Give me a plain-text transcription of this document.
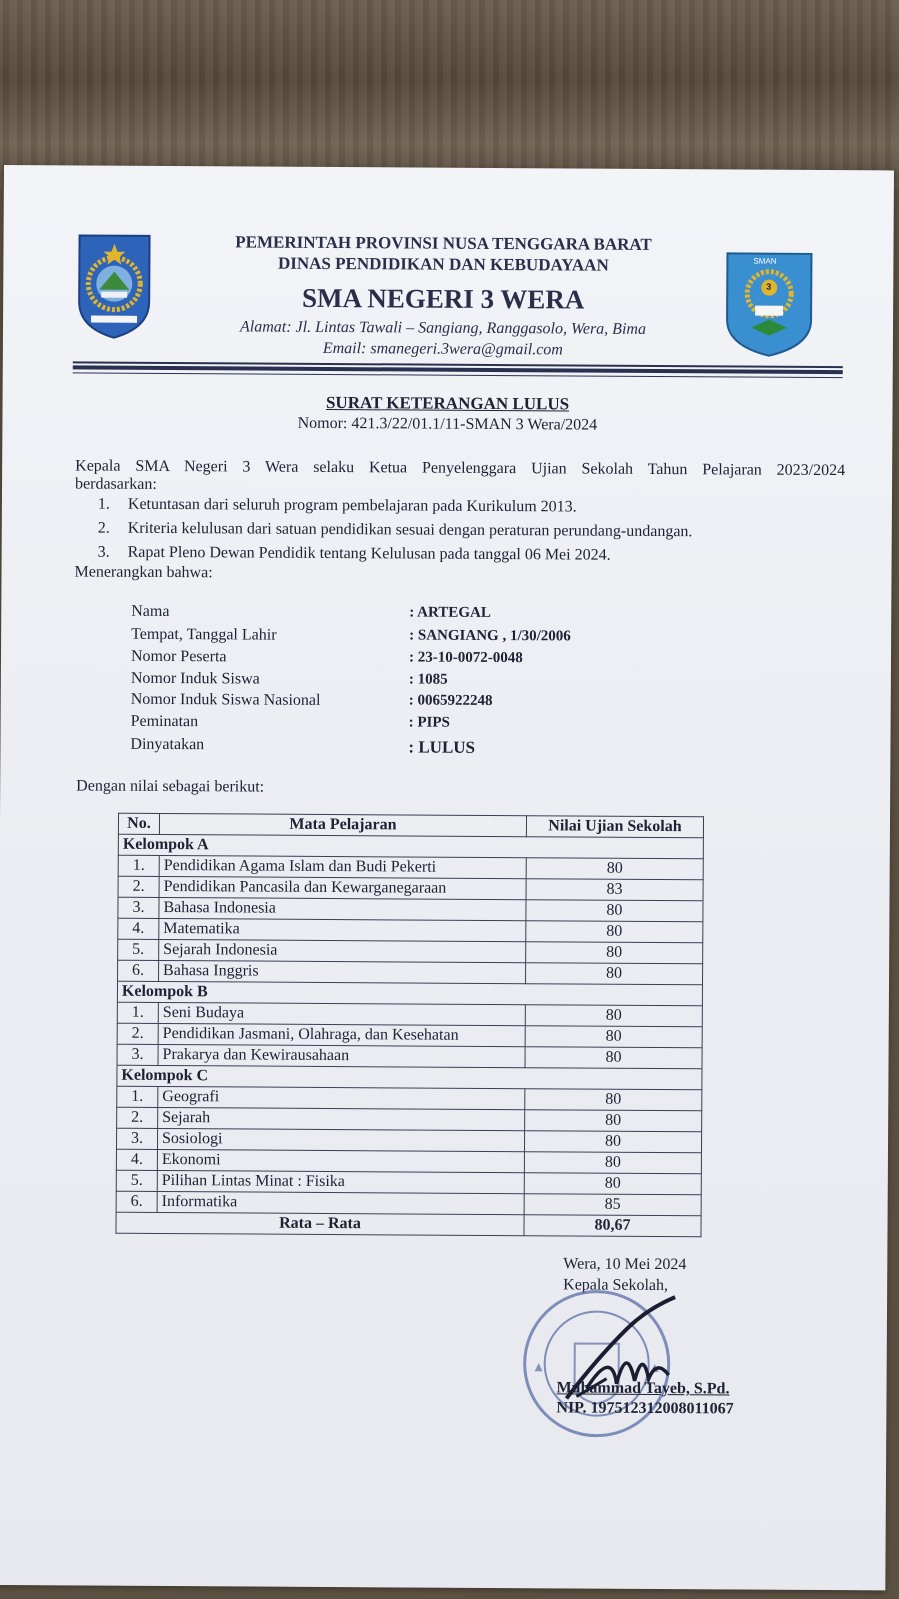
SMAN
3
PEMERINTAH PROVINSI NUSA TENGGARA BARAT
DINAS PENDIDIKAN DAN KEBUDAYAAN
SMA NEGERI 3 WERA
Alamat: Jl. Lintas Tawali – Sangiang, Ranggasolo, Wera, Bima
Email: smanegeri.3wera@gmail.com
SURAT KETERANGAN LULUS
Nomor: 421.3/22/01.1/11-SMAN 3 Wera/2024
Kepala SMA Negeri 3 Wera selaku Ketua Penyelenggara Ujian Sekolah Tahun Pelajaran 2023/2024
berdasarkan:
1. Ketuntasan dari seluruh program pembelajaran pada Kurikulum 2013.
2. Kriteria kelulusan dari satuan pendidikan sesuai dengan peraturan perundang-undangan.
3. Rapat Pleno Dewan Pendidik tentang Kelulusan pada tanggal 06 Mei 2024.
Menerangkan bahwa:
Nama	: ARTEGAL
Tempat, Tanggal Lahir	: SANGIANG , 1/30/2006
Nomor Peserta	: 23-10-0072-0048
Nomor Induk Siswa	: 1085
Nomor Induk Siswa Nasional	: 0065922248
Peminatan	: PIPS
Dinyatakan	: LULUS
Dengan nilai sebagai berikut:
No.	Mata Pelajaran	Nilai Ujian Sekolah
Kelompok A		
1.	Pendidikan Agama Islam dan Budi Pekerti	80
2.	Pendidikan Pancasila dan Kewarganegaraan	83
3.	Bahasa Indonesia	80
4.	Matematika	80
5.	Sejarah Indonesia	80
6.	Bahasa Inggris	80
Kelompok B		
1.	Seni Budaya	80
2.	Pendidikan Jasmani, Olahraga, dan Kesehatan	80
3.	Prakarya dan Kewirausahaan	80
Kelompok C		
1.	Geografi	80
2.	Sejarah	80
3.	Sosiologi	80
4.	Ekonomi	80
5.	Pilihan Lintas Minat : Fisika	80
6.	Informatika	85
Rata – Rata		80,67
Wera, 10 Mei 2024
Kepala Sekolah,
Muhammad Tayeb, S.Pd.
NIP. 197512312008011067
